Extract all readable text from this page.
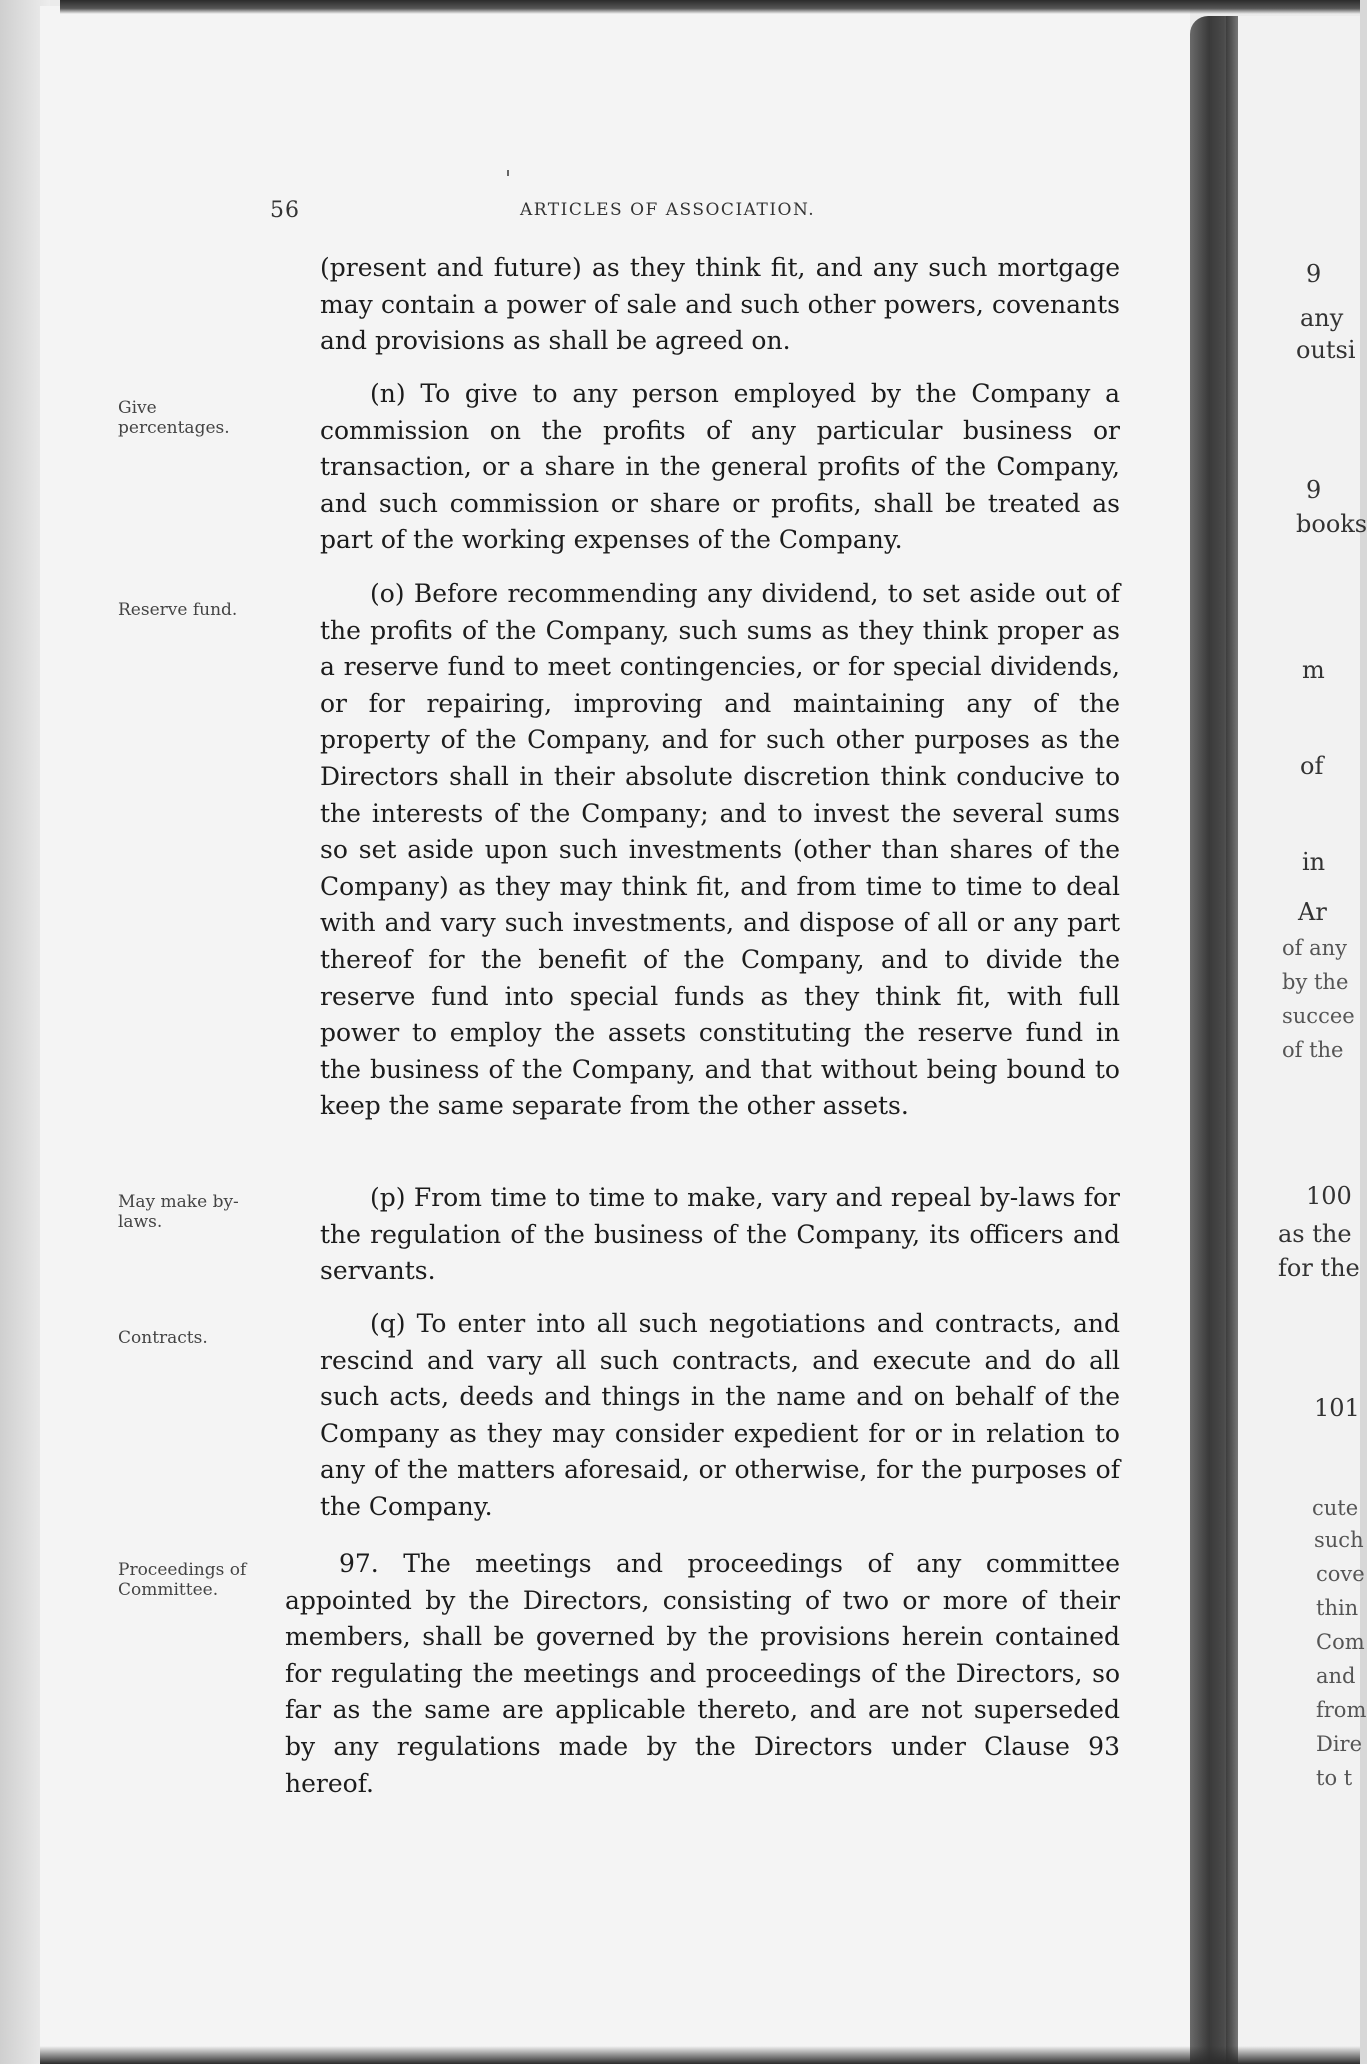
56	ARTICLES OF ASSOCIATION.
(present and future) as they think fit, and any such mortgage may contain a power of sale and such other powers, covenants and provisions as shall be agreed on.
Give percentages.
(n) To give to any person employed by the Company a commission on the profits of any particular business or transaction, or a share in the general profits of the Company, and such commission or share or profits, shall be treated as part of the working expenses of the Company.
Reserve fund.
(o) Before recommending any dividend, to set aside out of the profits of the Company, such sums as they think proper as a reserve fund to meet contingencies, or for special dividends, or for repairing, improving and maintaining any of the property of the Company, and for such other purposes as the Directors shall in their absolute discretion think conducive to the interests of the Company; and to invest the several sums so set aside upon such investments (other than shares of the Company) as they may think fit, and from time to time to deal with and vary such investments, and dispose of all or any part thereof for the benefit of the Company, and to divide the reserve fund into special funds as they think fit, with full power to employ the assets constituting the reserve fund in the business of the Company, and that without being bound to keep the same separate from the other assets.
May make by-laws.
(p) From time to time to make, vary and repeal by-laws for the regulation of the business of the Company, its officers and servants.
Contracts.	(q) To enter into all such negotiations and contracts, and rescind and vary all such contracts, and execute and do all such acts, deeds and things in the name and on behalf of the Company as they may consider expedient for or in relation to any of the matters aforesaid, or otherwise, for the purposes of the Company.
Proceedings of Committee.
97. The meetings and proceedings of any committee appointed by the Directors, consisting of two or more of their members, shall be governed by the provisions herein contained for regulating the meetings and proceedings of the Directors, so far as the same are applicable thereto, and are not superseded by any regulations made by the Directors under Clause 93 hereof.
9
any
outsi
9
books
m
of
in
Ar
of any
by the
succee
of the
100
as the
for the
101
cute
such
cove
thin
Com
and
from
Dire
to t
